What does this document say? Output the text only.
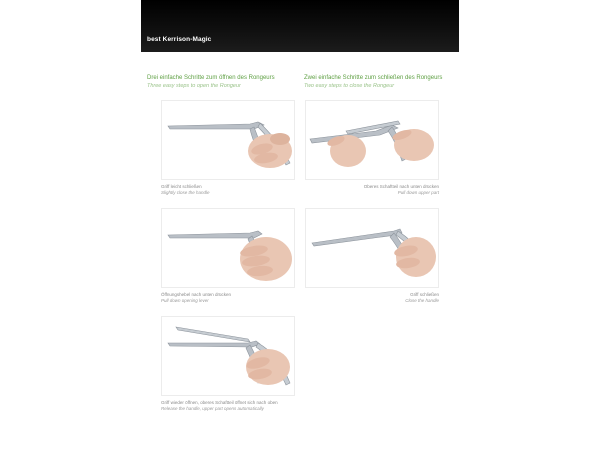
best Kerrison-Magic
Drei einfache Schritte zum öffnen des Rongeurs
Three easy steps to open the Rongeur
Zwei einfache Schritte zum schließen des Rongeurs
Two easy steps to close the Rongeur
Griff leicht schließen
Slightly close the handle
Oberes Schaftteil nach unten drücken
Pull down upper part
Öffnungshebel nach unten drücken
Pull down opening lever
Griff schließen
Close the handle
Griff wieder öffnen, oberes Schaftteil öffnet sich nach oben
Release the handle, upper part opens automatically
